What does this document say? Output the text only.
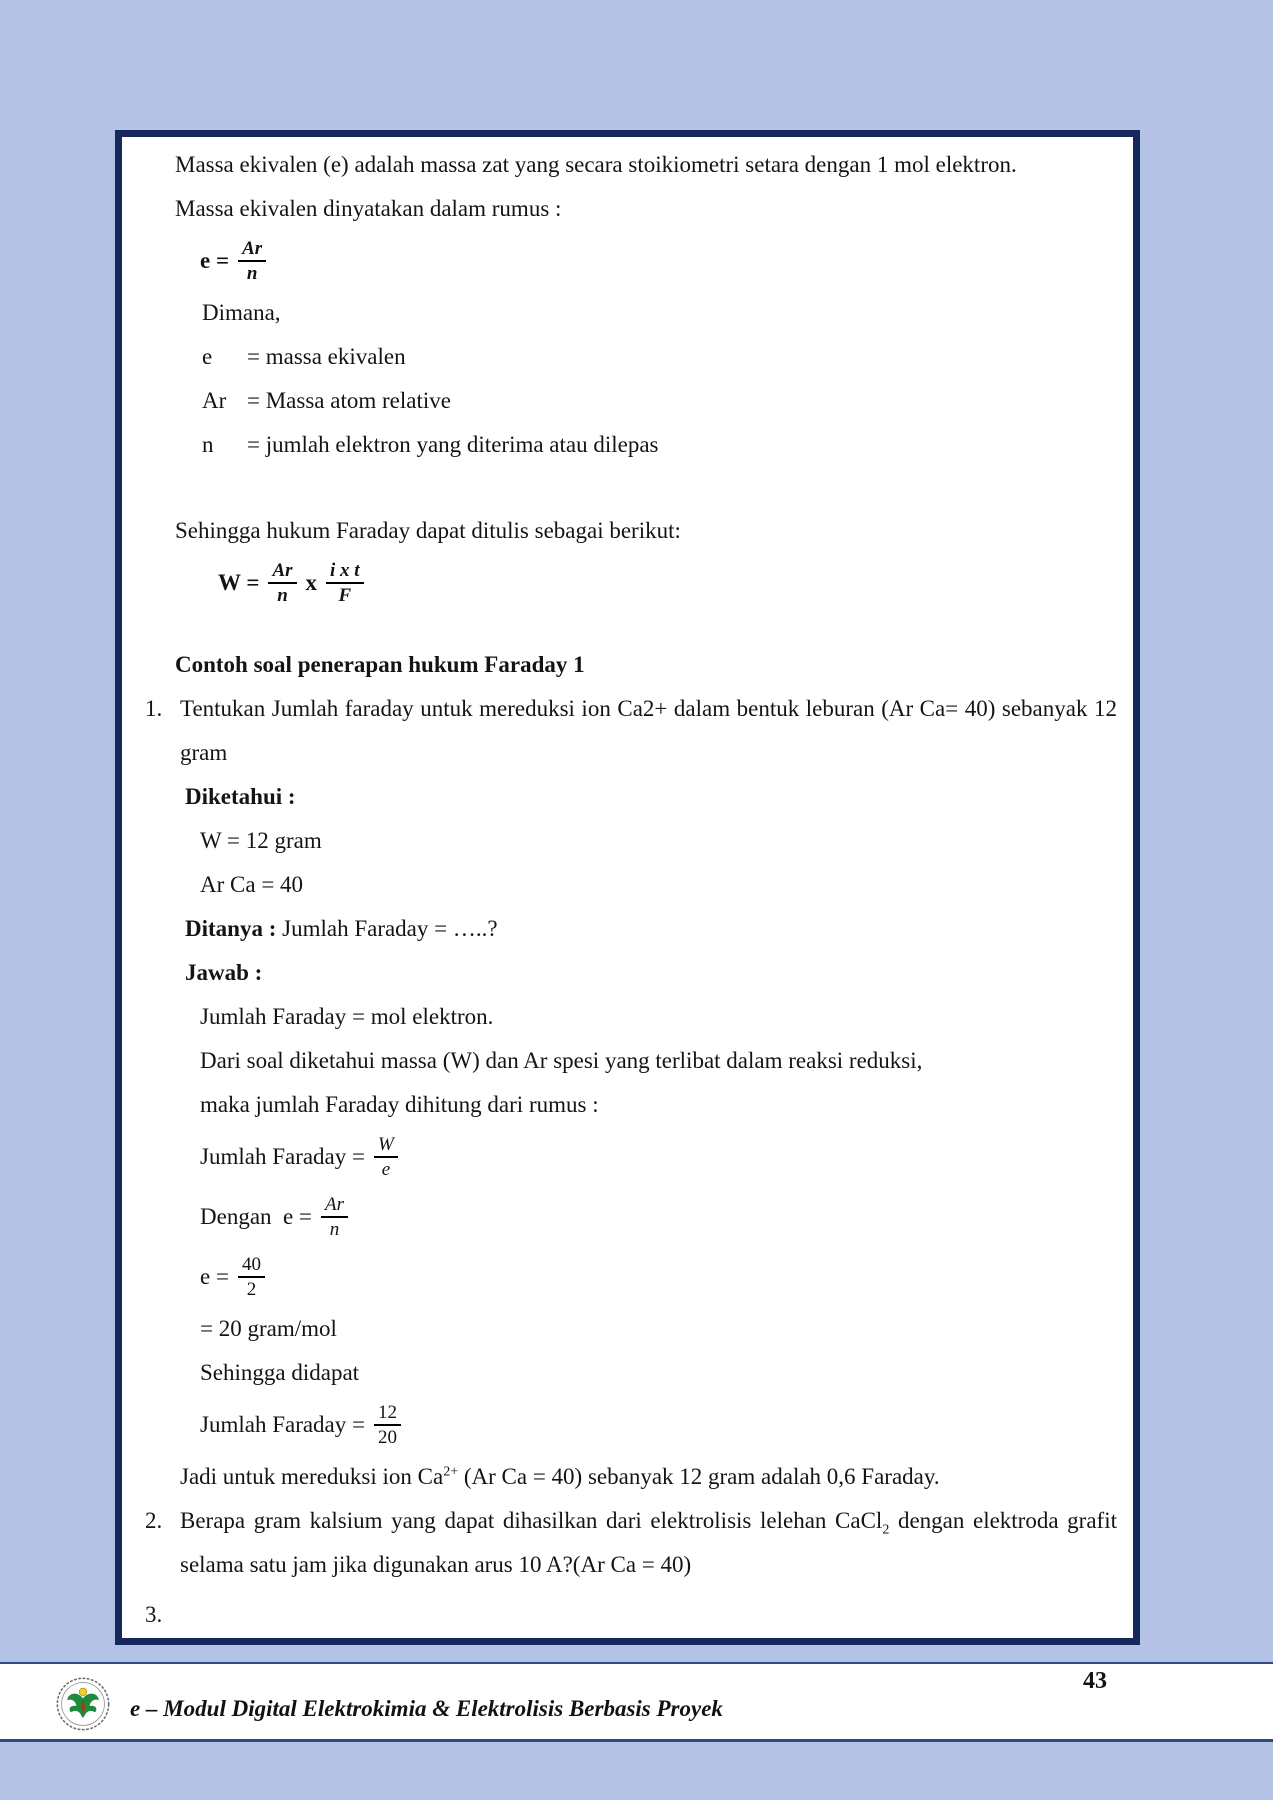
Massa ekivalen (e) adalah massa zat yang secara stoikiometri setara dengan 1 mol elektron.

Massa ekivalen dinyatakan dalam rumus :

$e = \frac{Ar}{n}$

Dimana,

e	= massa ekivalen
Ar = Massa atom relative
n	= jumlah elektron yang diterima atau dilepas

Sehingga hukum Faraday dapat ditulis sebagai berikut:

$W = \frac{Ar}{n}$ x $\frac{\text{i x t}}{F}$

Contoh soal penerapan hukum Faraday 1

1. Tentukan Jumlah faraday untuk mereduksi ion Ca2+ dalam bentuk leburan (Ar Ca= 40) sebanyak 12 gram

Diketahui :

W = 12 gram

Ar Ca = 40

Ditanya : Jumlah Faraday = …..?

Jawab :

Jumlah Faraday = mol elektron.

Dari soal diketahui massa (W) dan Ar spesi yang terlibat dalam reaksi reduksi,

maka jumlah Faraday dihitung dari rumus :

Jumlah Faraday = $\frac{W}{e}$
Dengan  $e = \frac{Ar}{n}$
$e = \frac{40}{2}$

= 20 gram/mol

Sehingga didapat

Jumlah Faraday = $\frac{12}{20}$

Jadi untuk mereduksi ion $Ca^{2+}$ (Ar Ca = 40) sebanyak 12 gram adalah 0,6 Faraday.

2. Berapa gram kalsium yang dapat dihasilkan dari elektrolisis lelehan CaCl$_2$ dengan elektroda grafit selama satu jam jika digunakan arus 10 A?(Ar Ca = 40)

3.

e – Modul Digital Elektrokimia & Elektrolisis Berbasis Proyek
43
